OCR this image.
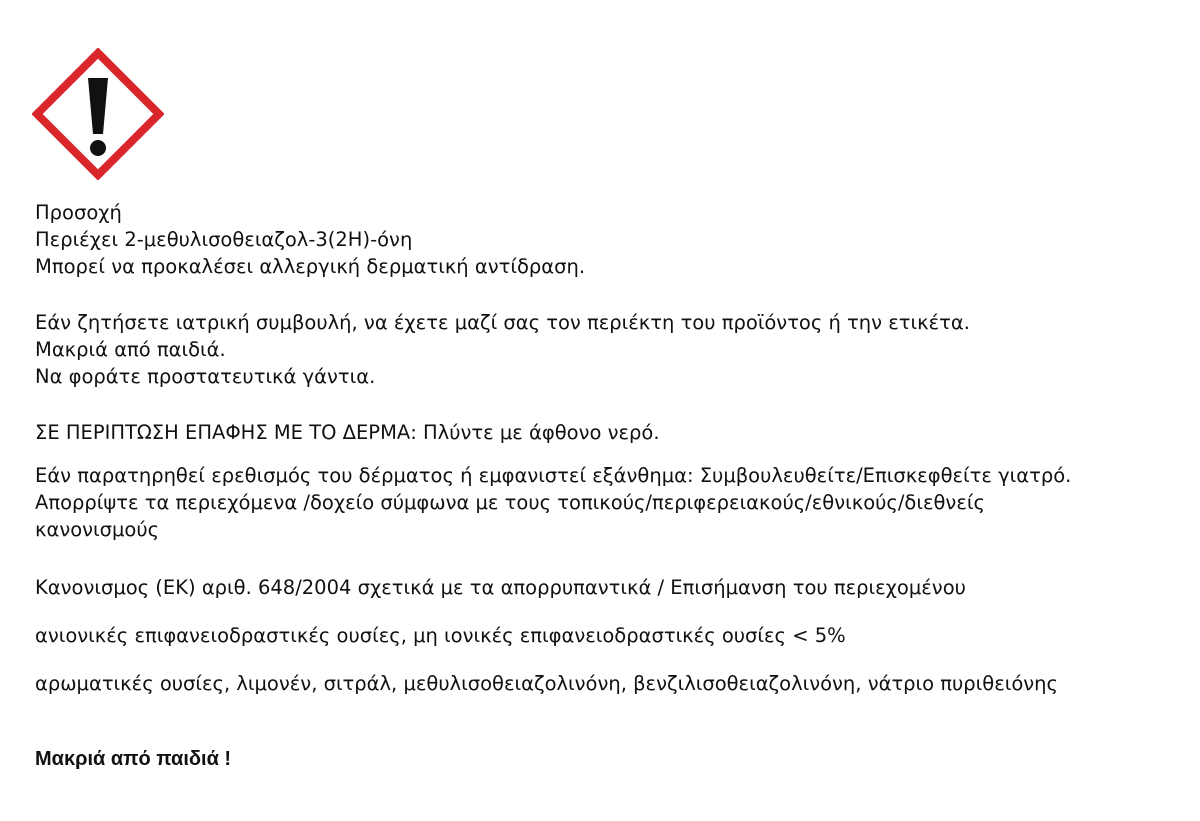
Προσοχή

Περιέχει 2-μεθυλισοθειαζολ-3(2Η)-όνη

Μπορεί να προκαλέσει αλλεργική δερματική αντίδραση.

Εάν ζητήσετε ιατρική συμβουλή, να έχετε μαζί σας τον περιέκτη του προϊόντος ή την ετικέτα.

Μακριά από παιδιά.

Να φοράτε προστατευτικά γάντια.

ΣΕ ΠΕΡΙΠΤΩΣΗ ΕΠΑΦΗΣ ΜΕ ΤΟ ΔΕΡΜΑ: Πλύντε με άφθονο νερό.

Εάν παρατηρηθεί ερεθισμός του δέρματος ή εμφανιστεί εξάνθημα: Συμβουλευθείτε/Επισκεφθείτε γιατρό.

Απορρίψτε τα περιεχόμενα /δοχείο σύμφωνα με τους τοπικούς/περιφερειακούς/εθνικούς/διεθνείς

κανονισμούς

Κανονισμος (ΕΚ) αριθ. 648/2004 σχετικά με τα απορρυπαντικά / Επισήμανση του περιεχομένου

ανιονικές επιφανειοδραστικές ουσίες, μη ιονικές επιφανειοδραστικές ουσίες < 5%

αρωματικές ουσίες, λιμονέν, σιτράλ, μεθυλισοθειαζολινόνη, βενζιλισοθειαζολινόνη, νάτριο πυριθειόνης

Μακριά από παιδιά !
